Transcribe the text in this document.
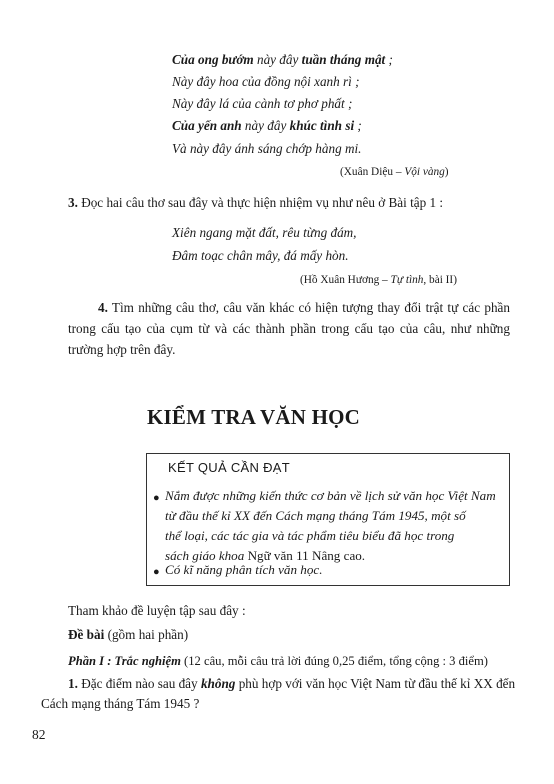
Của ong bướm này đây tuần tháng mật ;
Này đây hoa của đồng nội xanh rì ;
Này đây lá của cành tơ phơ phất ;
Của yến anh này đây khúc tình si ;
Và này đây ánh sáng chớp hàng mi.
(Xuân Diệu – Vội vàng)
3. Đọc hai câu thơ sau đây và thực hiện nhiệm vụ như nêu ở Bài tập 1 :
Xiên ngang mặt đất, rêu từng đám,
Đâm toạc chân mây, đá mấy hòn.
(Hồ Xuân Hương – Tự tình, bài II)
4. Tìm những câu thơ, câu văn khác có hiện tượng thay đổi trật tự các phần trong cấu tạo của cụm từ và các thành phần trong cấu tạo của câu, như những trường hợp trên đây.
KIỂM TRA VĂN HỌC
KẾT QUẢ CẦN ĐẠT
● Nắm được những kiến thức cơ bản về lịch sử văn học Việt Nam
từ đầu thế kỉ XX đến Cách mạng tháng Tám 1945, một số
thể loại, các tác gia và tác phẩm tiêu biểu đã học trong
sách giáo khoa Ngữ văn 11 Nâng cao.
● Có kĩ năng phân tích văn học.
Tham khảo đề luyện tập sau đây :
Đề bài (gồm hai phần)
Phần I : Trắc nghiệm (12 câu, mỗi câu trả lời đúng 0,25 điểm, tổng cộng : 3 điểm)
1. Đặc điểm nào sau đây không phù hợp với văn học Việt Nam từ đầu thế kỉ XX đến
Cách mạng tháng Tám 1945 ?
82
